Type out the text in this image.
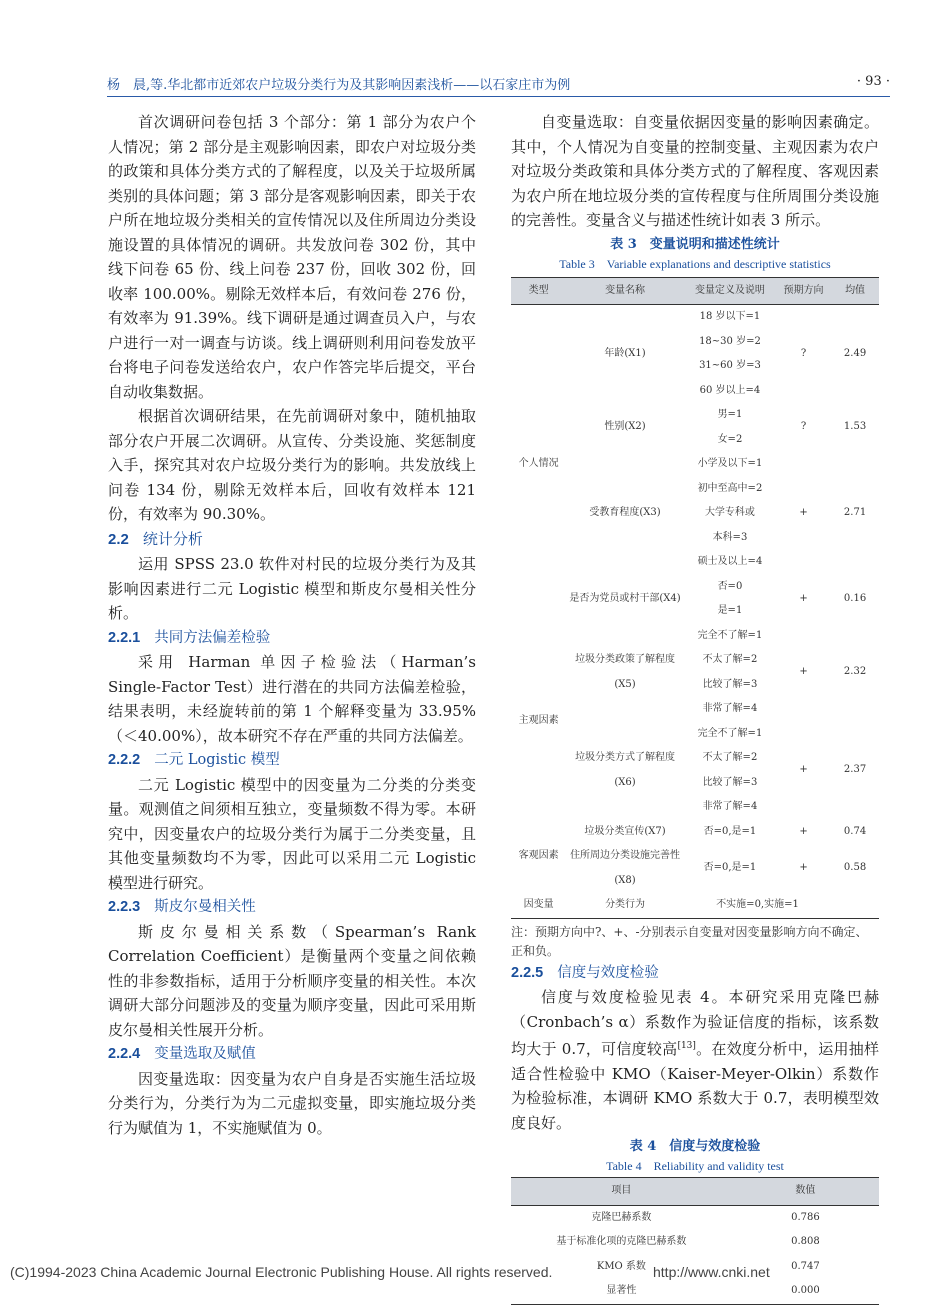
杨　晨,等.华北都市近郊农户垃圾分类行为及其影响因素浅析——以石家庄市为例	· 93 ·

首次调研问卷包括 3 个部分：第 1 部分为农户个人情况；第 2 部分是主观影响因素，即农户对垃圾分类的政策和具体分类方式的了解程度，以及关于垃圾所属类别的具体问题；第 3 部分是客观影响因素，即关于农户所在地垃圾分类相关的宣传情况以及住所周边分类设施设置的具体情况的调研。共发放问卷 302 份，其中线下问卷 65 份、线上问卷 237 份，回收 302 份，回收率 100.00%。剔除无效样本后，有效问卷 276 份，有效率为 91.39%。线下调研是通过调查员入户，与农户进行一对一调查与访谈。线上调研则利用问卷发放平台将电子问卷发送给农户，农户作答完毕后提交，平台自动收集数据。

根据首次调研结果，在先前调研对象中，随机抽取部分农户开展二次调研。从宣传、分类设施、奖惩制度入手，探究其对农户垃圾分类行为的影响。共发放线上问卷 134 份，剔除无效样本后，回收有效样本 121 份，有效率为 90.30%。

2.2 统计分析

运用 SPSS 23.0 软件对村民的垃圾分类行为及其影响因素进行二元 Logistic 模型和斯皮尔曼相关性分析。

2.2.1 共同方法偏差检验

采用 Harman 单因子检验法（Harman’s Single-Factor Test）进行潜在的共同方法偏差检验，结果表明，未经旋转前的第 1 个解释变量为 33.95%（＜40.00%），故本研究不存在严重的共同方法偏差。

2.2.2 二元 Logistic 模型

二元 Logistic 模型中的因变量为二分类的分类变量。观测值之间须相互独立，变量频数不得为零。本研究中，因变量农户的垃圾分类行为属于二分类变量，且其他变量频数均不为零，因此可以采用二元 Logistic 模型进行研究。

2.2.3 斯皮尔曼相关性

斯皮尔曼相关系数（Spearman’s Rank Correlation Coefficient）是衡量两个变量之间依赖性的非参数指标，适用于分析顺序变量的相关性。本次调研大部分问题涉及的变量为顺序变量，因此可采用斯皮尔曼相关性展开分析。

2.2.4 变量选取及赋值

因变量选取：因变量为农户自身是否实施生活垃圾分类行为，分类行为为二元虚拟变量，即实施垃圾分类行为赋值为 1，不实施赋值为 0。

自变量选取：自变量依据因变量的影响因素确定。其中，个人情况为自变量的控制变量、主观因素为农户对垃圾分类政策和具体分类方式的了解程度、客观因素为农户所在地垃圾分类的宣传程度与住所周围分类设施的完善性。变量含义与描述性统计如表 3 所示。

表 3　变量说明和描述性统计
Table 3　Variable explanations and descriptive statistics
类型	变量名称	变量定义及说明	预期方向	均值
个人情况	年龄(X1)	18 岁以下=1	?	2.49
		18~30 岁=2		
		31~60 岁=3		
		60 岁以上=4		
	性别(X2)	男=1	?	1.53
		女=2		
	受教育程度(X3)	小学及以下=1	+	2.71
		初中至高中=2		
		大学专科或		
		本科=3		
		硕士及以上=4		
	是否为党员或村干部(X4)	否=0	+	0.16
		是=1		
主观因素	垃圾分类政策了解程度(X5)	完全不了解=1	+	2.32
		不太了解=2		
		比较了解=3		
		非常了解=4		
	垃圾分类方式了解程度(X6)	完全不了解=1	+	2.37
		不太了解=2		
		比较了解=3		
		非常了解=4		
客观因素	垃圾分类宣传(X7)	否=0,是=1	+	0.74
	住所周边分类设施完善性(X8)	否=0,是=1	+	0.58
因变量	分类行为	不实施=0,实施=1		
注：预期方向中?、+、-分别表示自变量对因变量影响方向不确定、正和负。
2.2.5 信度与效度检验

信度与效度检验见表 4。本研究采用克隆巴赫（Cronbach’s α）系数作为验证信度的指标，该系数均大于 0.7，可信度较高[13]。在效度分析中，运用抽样适合性检验中 KMO（Kaiser-Meyer-Olkin）系数作为检验标准，本调研 KMO 系数大于 0.7，表明模型效度良好。

表 4　信度与效度检验
Table 4　Reliability and validity test
项目	数值
克隆巴赫系数	0.786
基于标准化项的克隆巴赫系数	0.808
KMO 系数	0.747
显著性	0.000
(C)1994-2023 China Academic Journal Electronic Publishing House. All rights reserved.	http://www.cnki.net
